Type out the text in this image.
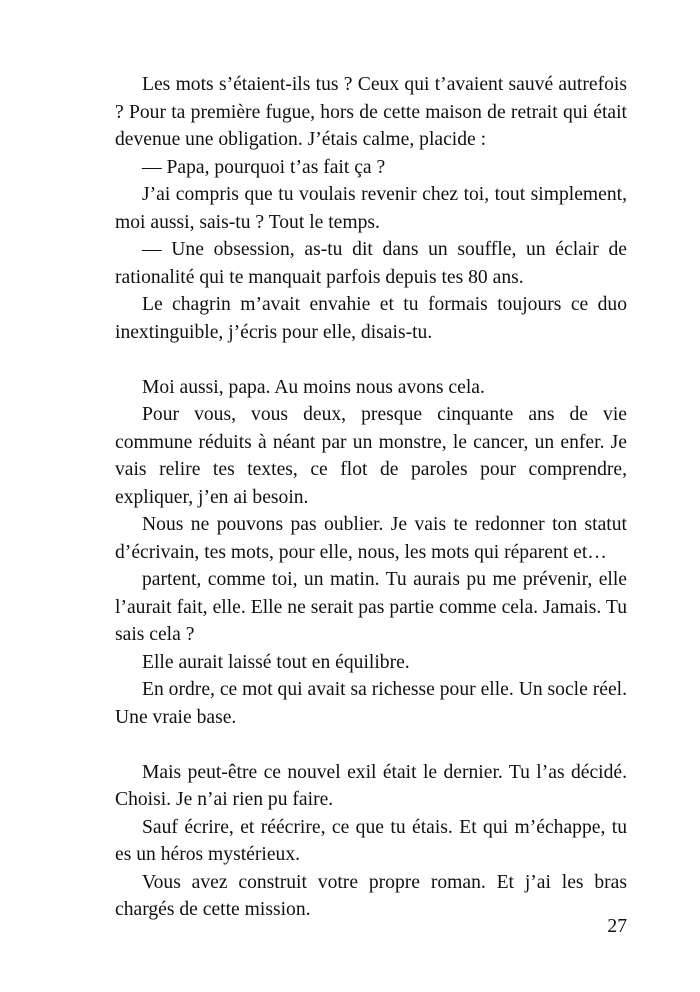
Les mots s’étaient-ils tus ? Ceux qui t’avaient sauvé autrefois ? Pour ta première fugue, hors de cette maison de retrait qui était devenue une obligation. J’étais calme, placide :

— Papa, pourquoi t’as fait ça ?

J’ai compris que tu voulais revenir chez toi, tout simplement, moi aussi, sais-tu ? Tout le temps.

— Une obsession, as-tu dit dans un souffle, un éclair de rationalité qui te manquait parfois depuis tes 80 ans.

Le chagrin m’avait envahie et tu formais toujours ce duo inextinguible, j’écris pour elle, disais-tu.

Moi aussi, papa. Au moins nous avons cela.

Pour vous, vous deux, presque cinquante ans de vie commune réduits à néant par un monstre, le cancer, un enfer. Je vais relire tes textes, ce flot de paroles pour comprendre, expliquer, j’en ai besoin.

Nous ne pouvons pas oublier. Je vais te redonner ton statut d’écrivain, tes mots, pour elle, nous, les mots qui réparent et…

partent, comme toi, un matin. Tu aurais pu me prévenir, elle l’aurait fait, elle. Elle ne serait pas partie comme cela. Jamais. Tu sais cela ?

Elle aurait laissé tout en équilibre.

En ordre, ce mot qui avait sa richesse pour elle. Un socle réel. Une vraie base.

Mais peut-être ce nouvel exil était le dernier. Tu l’as décidé. Choisi. Je n’ai rien pu faire.

Sauf écrire, et réécrire, ce que tu étais. Et qui m’échappe, tu es un héros mystérieux.

Vous avez construit votre propre roman. Et j’ai les bras chargés de cette mission.

27
